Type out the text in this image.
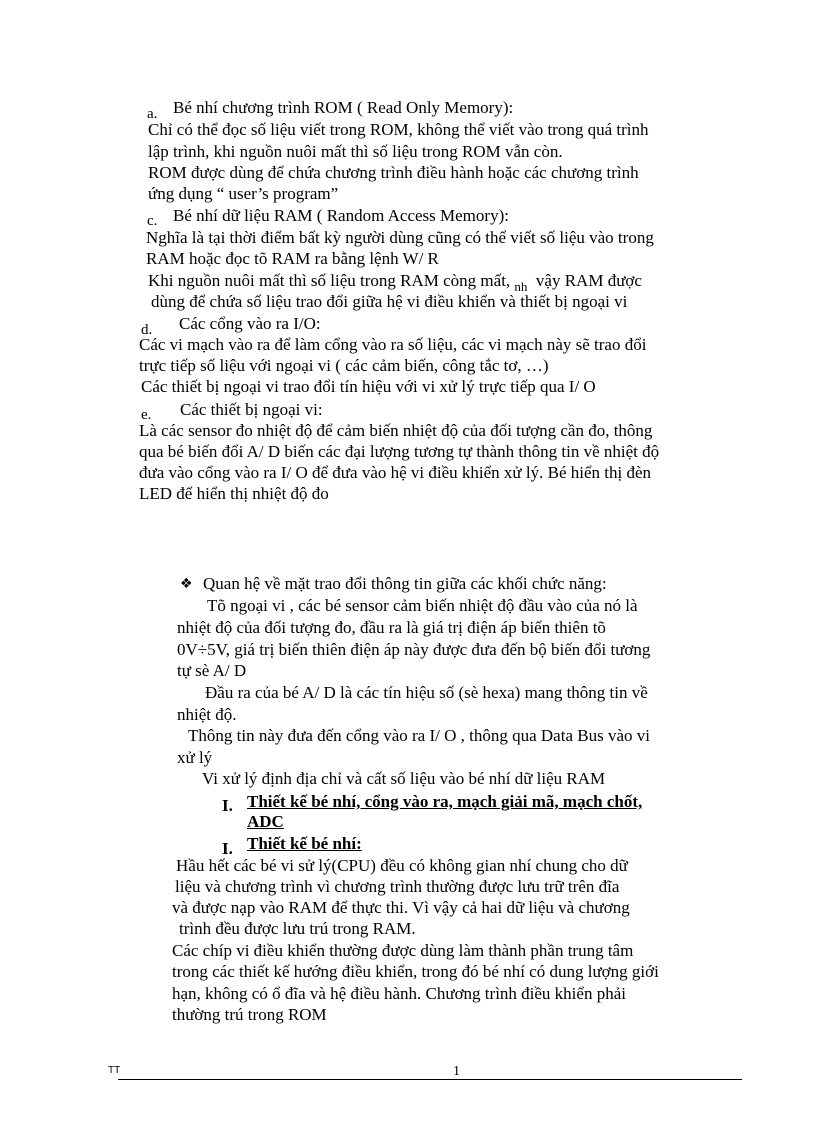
a. Bé nhí chương trình ROM ( Read Only Memory):
Chỉ có thể đọc số liệu viết trong ROM, không thể viết vào trong quá trình
lập trình, khi nguồn nuôi mất thì số liệu trong ROM vẫn còn.
ROM được dùng để chứa chương trình điều hành hoặc các chương trình
ứng dụng “ user’s program”
c. Bé nhí dữ liệu RAM ( Random Access Memory):
Nghĩa là tại thời điểm bất kỳ người dùng cũng có thể viết số liệu vào trong
RAM hoặc đọc tõ RAM ra bằng lệnh W/ R
Khi nguồn nuôi mất thì số liệu trong RAM còng mất, $_{nh}$ vậy RAM được
dùng để chứa số liệu trao đổi giữa hệ vi điều khiển và thiết bị ngoại vi
d. Các cổng vào ra I/O:
Các vi mạch vào ra để làm cổng vào ra số liệu, các vi mạch này sẽ trao đổi
trực tiếp số liệu với ngoại vi ( các cảm biến, công tắc tơ, …)
Các thiết bị ngoại vi trao đổi tín hiệu với vi xử lý trực tiếp qua I/ O
e. Các thiết bị ngoại vi:
Là các sensor đo nhiệt độ để cảm biến nhiệt độ của đối tượng cần đo, thông
qua bé biến đổi A/ D biến các đại lượng tương tự thành thông tin về nhiệt độ
đưa vào cổng vào ra I/ O để đưa vào hệ vi điều khiển xử lý. Bé hiển thị đèn
LED để hiển thị nhiệt độ đo
❖ Quan hệ về mặt trao đổi thông tin giữa các khối chức năng:
Tõ ngoại vi , các bé sensor cảm biến nhiệt độ đầu vào của nó là
nhiệt độ của đối tượng đo, đầu ra là giá trị điện áp biến thiên tõ
0V÷5V, giá trị biến thiên điện áp này được đưa đến bộ biến đổi tương
tự sè A/ D
Đầu ra của bé A/ D là các tín hiệu số (sè hexa) mang thông tin về
nhiệt độ.
Thông tin này đưa đến cổng vào ra I/ O , thông qua Data Bus vào vi
xử lý
Vi xử lý định địa chỉ và cất số liệu vào bé nhí dữ liệu RAM
I. Thiết kế bé nhí, cổng vào ra, mạch giải mã, mạch chốt,
ADC
I. Thiết kế bé nhí:
Hầu hết các bé vi sử lý(CPU) đều có không gian nhí chung cho dữ
liệu và chương trình vì chương trình thường được lưu trữ trên đĩa
và được nạp vào RAM để thực thi. Vì vậy cả hai dữ liệu và chương
trình đều được lưu trú trong RAM.
Các chíp vi điều khiển thường được dùng làm thành phần trung tâm
trong các thiết kế hướng điều khiển, trong đó bé nhí có dung lượng giới
hạn, không có ổ đĩa và hệ điều hành. Chương trình điều khiển phải
thường trú trong ROM
TT	1
